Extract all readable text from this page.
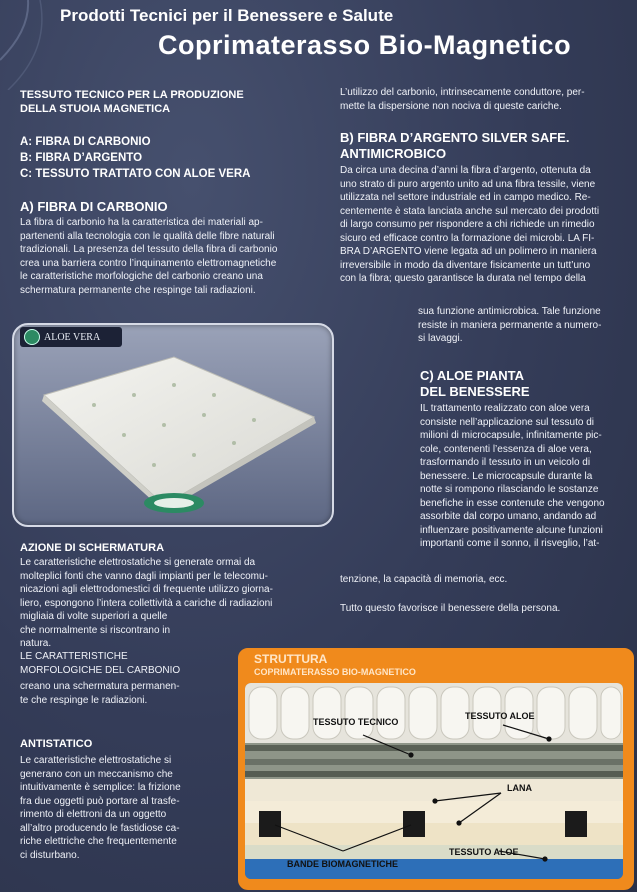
Prodotti Tecnici per il Benessere e Salute
Coprimaterasso Bio-Magnetico
TESSUTO TECNICO PER LA PRODUZIONE
DELLA STUOIA MAGNETICA
A: FIBRA DI CARBONIO
B: FIBRA D’ARGENTO
C: TESSUTO TRATTATO CON ALOE VERA
A) FIBRA DI CARBONIO
La fibra di carbonio ha la caratteristica dei materiali ap-
partenenti alla tecnologia con le qualità delle fibre naturali
tradizionali. La presenza del tessuto della fibra di carbonio
crea una barriera contro l’inquinamento elettromagnetiche
le caratteristiche morfologiche del carbonio creano una
schermatura permanente che respinge tali radiazioni.
L’utilizzo del carbonio, intrinsecamente conduttore, per-
mette la dispersione non nociva di queste cariche.
B) FIBRA D’ARGENTO SILVER SAFE.
ANTIMICROBICO
Da circa una decina d’anni la fibra d’argento, ottenuta da
uno strato di puro argento unito ad una fibra tessile, viene
utilizzata nel settore industriale ed in campo medico. Re-
centemente è stata lanciata anche sul mercato dei prodotti
di largo consumo per rispondere a chi richiede un rimedio
sicuro ed efficace contro la formazione dei microbi. LA FI-
BRA D’ARGENTO viene legata ad un polimero in maniera
irreversibile in modo da diventare fisicamente un tutt’uno
con la fibra; questo garantisce la durata nel tempo della
sua funzione antimicrobica. Tale funzione
resiste in maniera permanente a numero-
si lavaggi.
ALOE VERA
C) ALOE PIANTA
DEL BENESSERE
IL trattamento realizzato con aloe vera
consiste nell’applicazione sul tessuto di
milioni di microcapsule, infinitamente pic-
cole, contenenti l’essenza di aloe vera,
trasformando il tessuto in un veicolo di
benessere. Le microcapsule durante la
notte si rompono rilasciando le sostanze
benefiche in esse contenute che vengono
assorbite dal corpo umano, andando ad
influenzare positivamente alcune funzioni
importanti come il sonno, il risveglio, l’at-
tenzione, la capacità di memoria, ecc.
Tutto questo favorisce il benessere della persona.
AZIONE DI SCHERMATURA
Le caratteristiche elettrostatiche si generate ormai da
molteplici fonti che vanno dagli impianti per le telecomu-
nicazioni agli elettrodomestici di frequente utilizzo giorna-
liero, espongono l’intera collettività a cariche di radiazioni
migliaia di volte superiori a quelle
che normalmente si riscontrano in
natura.
LE CARATTERISTICHE
MORFOLOGICHE DEL CARBONIO
creano una schermatura permanen-
te che respinge le radiazioni.
ANTISTATICO
Le caratteristiche elettrostatiche si
generano con un meccanismo che
intuitivamente è semplice: la frizione
fra due oggetti può portare al trasfe-
rimento di elettroni da un oggetto
all’altro producendo le fastidiose ca-
riche elettriche che frequentemente
ci disturbano.
STRUTTURA
COPRIMATERASSO BIO-MAGNETICO
TESSUTO TECNICO
TESSUTO ALOE
LANA
BANDE BIOMAGNETICHE
TESSUTO ALOE
